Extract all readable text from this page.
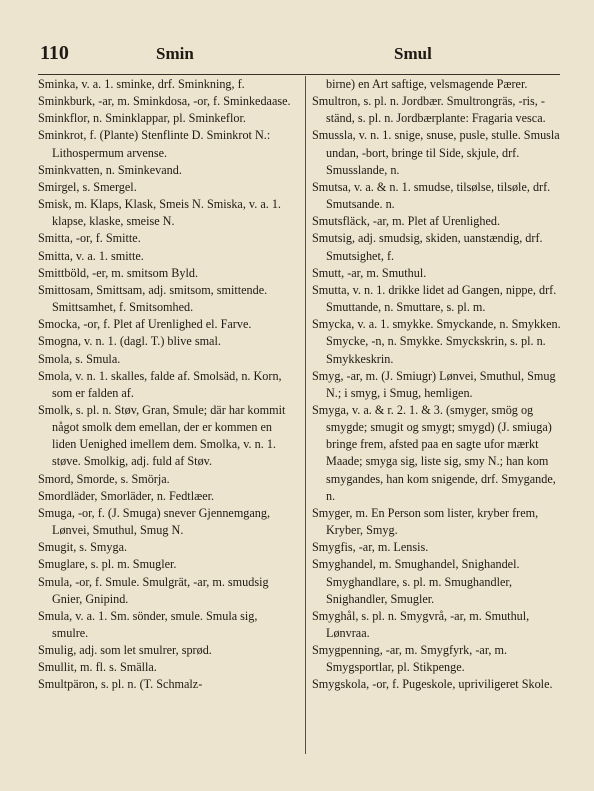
110	Smin	Smul

Sminka, v. a. 1. sminke, drf. Sminkning, f.

Sminkburk, -ar, m. Sminkdosa, -or, f. Sminkedaase.

Sminkflor, n. Sminklappar, pl. Sminkeflor.

Sminkrot, f. (Plante) Stenflinte D. Sminkrot N.: Lithospermum arvense.

Sminkvatten, n. Sminkevand.

Smirgel, s. Smergel.

Smisk, m. Klaps, Klask, Smeis N. Smiska, v. a. 1. klapse, klaske, smeise N.

Smitta, -or, f. Smitte.

Smitta, v. a. 1. smitte.

Smittböld, -er, m. smitsom Byld.

Smittosam, Smittsam, adj. smitsom, smittende. Smittsamhet, f. Smitsomhed.

Smocka, -or, f. Plet af Urenlighed el. Farve.

Smogna, v. n. 1. (dagl. T.) blive smal.

Smola, s. Smula.

Smola, v. n. 1. skalles, falde af. Smolsäd, n. Korn, som er falden af.

Smolk, s. pl. n. Støv, Gran, Smule; där har kommit något smolk dem emellan, der er kommen en liden Uenighed imellem dem. Smolka, v. n. 1. støve. Smolkig, adj. fuld af Støv.

Smord, Smorde, s. Smörja.

Smordläder, Smorläder, n. Fedtlæer.

Smuga, -or, f. (J. Smuga) snever Gjennemgang, Lønvei, Smuthul, Smug N.

Smugit, s. Smyga.

Smuglare, s. pl. m. Smugler.

Smula, -or, f. Smule. Smulgrät, -ar, m. smudsig Gnier, Gnipind.

Smula, v. a. 1. Sm. sönder, smule. Smula sig, smulre.

Smulig, adj. som let smulrer, sprød.

Smullit, m. fl. s. Smälla.

Smultpäron, s. pl. n. (T. Schmalz-

birne) en Art saftige, velsmagende Pærer.

Smultron, s. pl. n. Jordbær. Smultrongräs, -ris, -ständ, s. pl. n. Jordbærplante: Fragaria vesca.

Smussla, v. n. 1. snige, snuse, pusle, stulle. Smusla undan, -bort, bringe til Side, skjule, drf. Smusslande, n.

Smutsa, v. a. & n. 1. smudse, tilsølse, tilsøle, drf. Smutsande. n.

Smutsfläck, -ar, m. Plet af Urenlighed.

Smutsig, adj. smudsig, skiden, uanstændig, drf. Smutsighet, f.

Smutt, -ar, m. Smuthul.

Smutta, v. n. 1. drikke lidet ad Gangen, nippe, drf. Smuttande, n. Smuttare, s. pl. m.

Smycka, v. a. 1. smykke. Smyckande, n. Smykken. Smycke, -n, n. Smykke. Smyckskrin, s. pl. n. Smykkeskrin.

Smyg, -ar, m. (J. Smiugr) Lønvei, Smuthul, Smug N.; i smyg, i Smug, hemligen.

Smyga, v. a. & r. 2. 1. & 3. (smyger, smög og smygde; smugit og smygt; smygd) (J. smiuga) bringe frem, afsted paa en sagte ufor mærkt Maade; smyga sig, liste sig, smy N.; han kom smygandes, han kom snigende, drf. Smygande, n.

Smyger, m. En Person som lister, kryber frem, Kryber, Smyg.

Smygfis, -ar, m. Lensis.

Smyghandel, m. Smughandel, Snighandel. Smyghandlare, s. pl. m. Smughandler, Snighandler, Smugler.

Smyghål, s. pl. n. Smygvrå, -ar, m. Smuthul, Lønvraa.

Smygpenning, -ar, m. Smygfyrk, -ar, m. Smygsportlar, pl. Stikpenge.

Smygskola, -or, f. Pugeskole, upriviligeret Skole.
